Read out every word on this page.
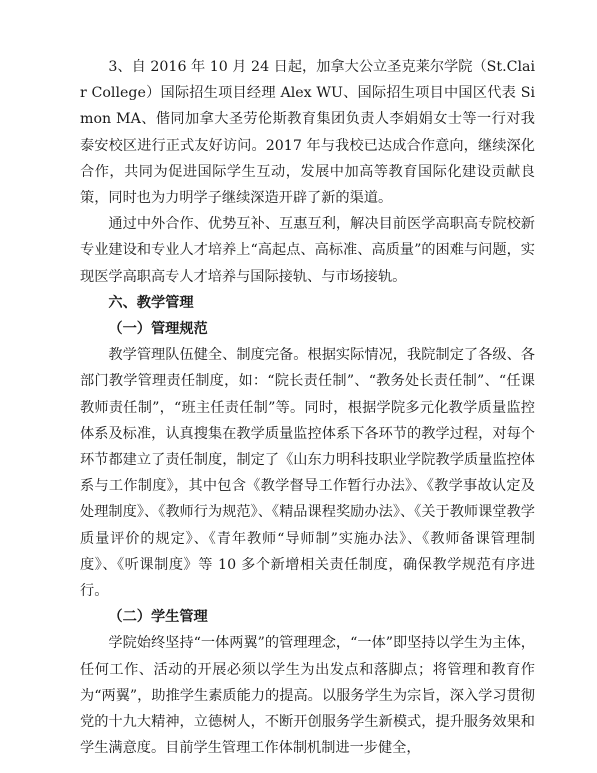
3、自 2016 年 10 月 24 日起，加拿大公立圣克莱尔学院（St.Clair College）国际招生项目经理 Alex WU、国际招生项目中国区代表 Simon MA、偕同加拿大圣劳伦斯教育集团负责人李娟娟女士等一行对我泰安校区进行正式友好访问。2017 年与我校已达成合作意向，继续深化合作，共同为促进国际学生互动，发展中加高等教育国际化建设贡献良策，同时也为力明学子继续深造开辟了新的渠道。

通过中外合作、优势互补、互惠互利，解决目前医学高职高专院校新专业建设和专业人才培养上“高起点、高标准、高质量”的困难与问题，实现医学高职高专人才培养与国际接轨、与市场接轨。

六、教学管理

（一）管理规范

教学管理队伍健全、制度完备。根据实际情况，我院制定了各级、各部门教学管理责任制度，如：“院长责任制”、“教务处长责任制”、“任课教师责任制”，“班主任责任制”等。同时，根据学院多元化教学质量监控体系及标准，认真搜集在教学质量监控体系下各环节的教学过程，对每个环节都建立了责任制度，制定了《山东力明科技职业学院教学质量监控体系与工作制度》，其中包含《教学督导工作暂行办法》、《教学事故认定及处理制度》、《教师行为规范》、《精品课程奖励办法》、《关于教师课堂教学质量评价的规定》、《青年教师“导师制”实施办法》、《教师备课管理制度》、《听课制度》等 10 多个新增相关责任制度，确保教学规范有序进行。

（二）学生管理

学院始终坚持“一体两翼”的管理理念，“一体”即坚持以学生为主体，任何工作、活动的开展必须以学生为出发点和落脚点；将管理和教育作为“两翼”，助推学生素质能力的提高。以服务学生为宗旨，深入学习贯彻党的十九大精神，立德树人，不断开创服务学生新模式，提升服务效果和学生满意度。目前学生管理工作体制机制进一步健全，
